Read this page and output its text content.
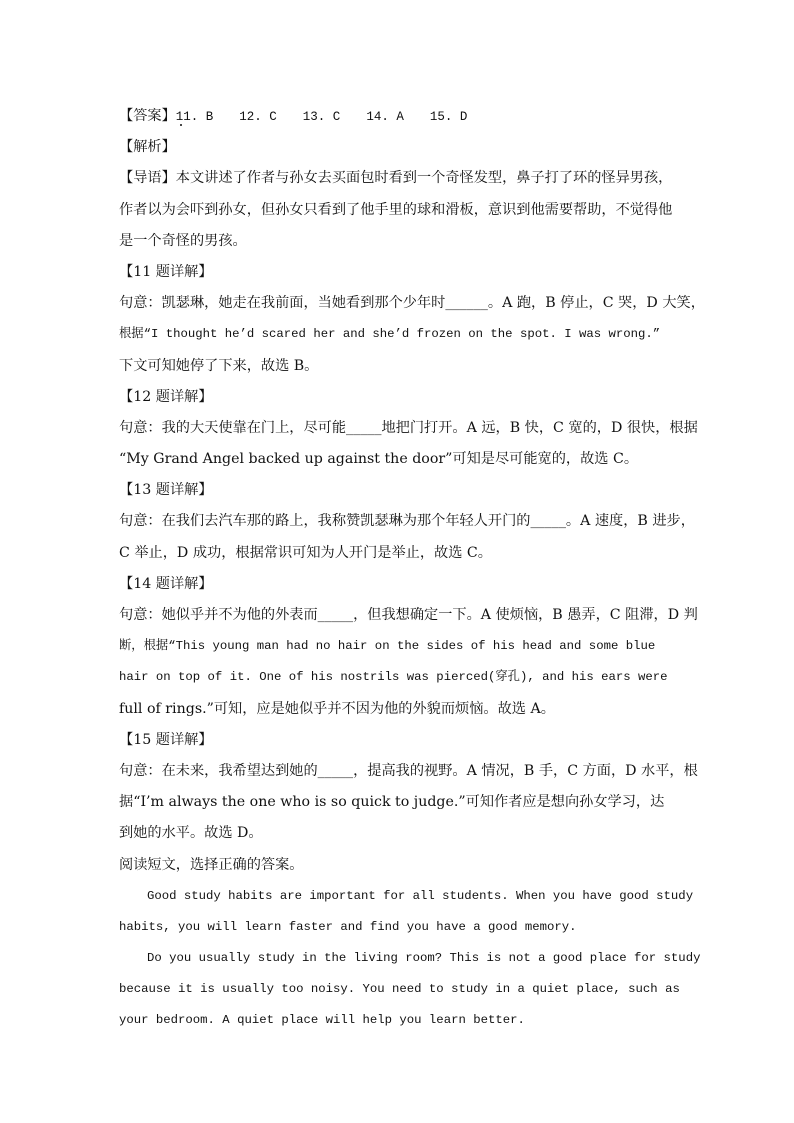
【答案】11. B 12. C 13. C 14. A 15. D
【解析】
【导语】本文讲述了作者与孙女去买面包时看到一个奇怪发型，鼻子打了环的怪异男孩，
作者以为会吓到孙女，但孙女只看到了他手里的球和滑板，意识到他需要帮助，不觉得他
是一个奇怪的男孩。
【11 题详解】
句意：凯瑟琳，她走在我前面，当她看到那个少年时______。A 跑，B 停止，C 哭，D 大笑，
根据“I thought he’d scared her and she’d frozen on the spot. I was wrong.”
下文可知她停了下来，故选 B。
【12 题详解】
句意：我的大天使靠在门上，尽可能_____地把门打开。A 远，B 快，C 宽的，D 很快，根据
“My Grand Angel backed up against the door”可知是尽可能宽的，故选 C。
【13 题详解】
句意：在我们去汽车那的路上，我称赞凯瑟琳为那个年轻人开门的_____。A 速度，B 进步，
C 举止，D 成功，根据常识可知为人开门是举止，故选 C。
【14 题详解】
句意：她似乎并不为他的外表而_____，但我想确定一下。A 使烦恼，B 愚弄，C 阻滞，D 判
断，根据“This young man had no hair on the sides of his head and some blue
hair on top of it. One of his nostrils was pierced(穿孔), and his ears were
full of rings.”可知，应是她似乎并不因为他的外貌而烦恼。故选 A。
【15 题详解】
句意：在未来，我希望达到她的_____，提高我的视野。A 情况，B 手，C 方面，D 水平，根
据“I’m always the one who is so quick to judge.”可知作者应是想向孙女学习，达
到她的水平。故选 D。
阅读短文，选择正确的答案。
Good study habits are important for all students. When you have good study
habits, you will learn faster and find you have a good memory.
Do you usually study in the living room? This is not a good place for study
because it is usually too noisy. You need to study in a quiet place, such as
your bedroom. A quiet place will help you learn better.
